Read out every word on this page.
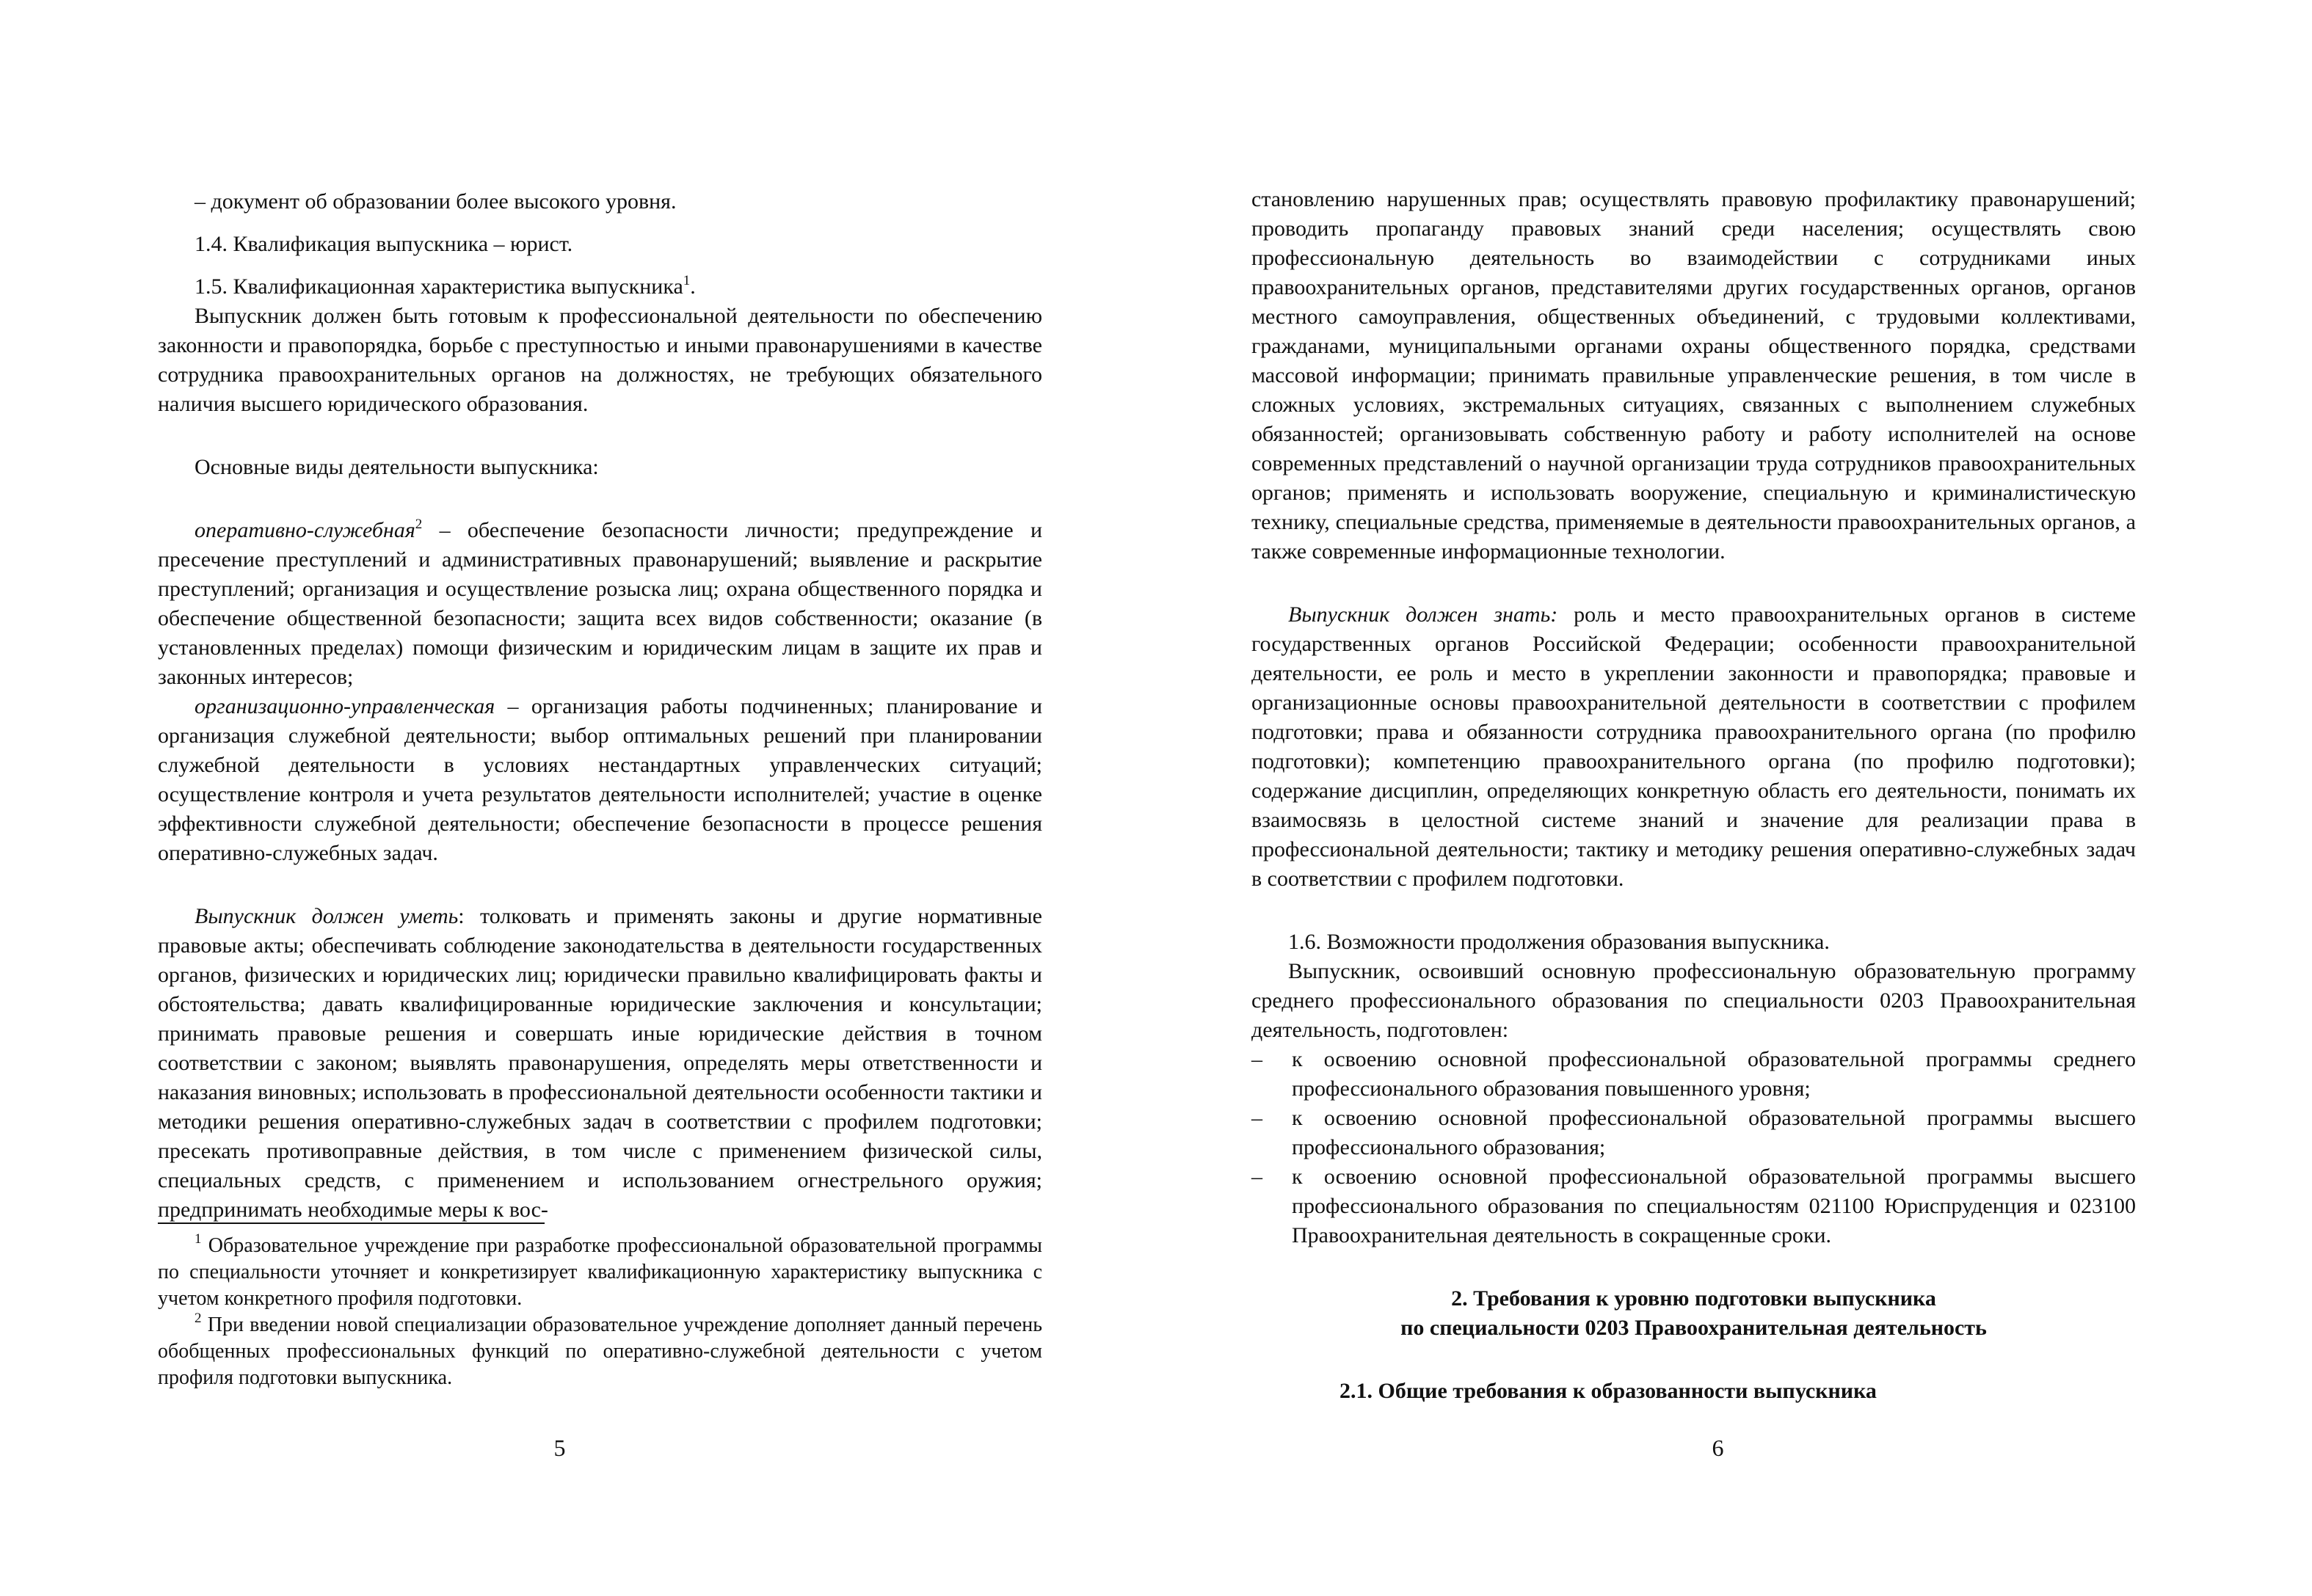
– документ об образовании более высокого уровня.

1.4. Квалификация выпускника – юрист.

1.5. Квалификационная характеристика выпускника$^1$.

Выпускник должен быть готовым к профессиональной деятельности по обеспечению законности и правопорядка, борьбе с преступностью и иными правонарушениями в качестве сотрудника правоохранительных органов на должностях, не требующих обязательного наличия высшего юридического образования.

Основные виды деятельности выпускника:

оперативно-служебная$^2$ – обеспечение безопасности личности; предупреждение и пресечение преступлений и административных правонарушений; выявление и раскрытие преступлений; организация и осуществление розыска лиц; охрана общественного порядка и обеспечение общественной безопасности; защита всех видов собственности; оказание (в установленных пределах) помощи физическим и юридическим лицам в защите их прав и законных интересов;

организационно-управленческая – организация работы подчиненных; планирование и организация служебной деятельности; выбор оптимальных решений при планировании служебной деятельности в условиях нестандартных управленческих ситуаций; осуществление контроля и учета результатов деятельности исполнителей; участие в оценке эффективности служебной деятельности; обеспечение безопасности в процессе решения оперативно-служебных задач.

Выпускник должен уметь: толковать и применять законы и другие нормативные правовые акты; обеспечивать соблюдение законодательства в деятельности государственных органов, физических и юридических лиц; юридически правильно квалифицировать факты и обстоятельства; давать квалифицированные юридические заключения и консультации; принимать правовые решения и совершать иные юридические действия в точном соответствии с законом; выявлять правонарушения, определять меры ответственности и наказания виновных; использовать в профессиональной деятельности особенности тактики и методики решения оперативно-служебных задач в соответствии с профилем подготовки; пресекать противоправные действия, в том числе с применением физической силы, специальных средств, с применением и использованием огнестрельного оружия; предпринимать необходимые меры к вос-

$^1$ Образовательное учреждение при разработке профессиональной образовательной программы по специальности уточняет и конкретизирует квалификационную характеристику выпускника с учетом конкретного профиля подготовки.

$^2$ При введении новой специализации образовательное учреждение дополняет данный перечень обобщенных профессиональных функций по оперативно-служебной деятельности с учетом профиля подготовки выпускника.

5

становлению нарушенных прав; осуществлять правовую профилактику правонарушений; проводить пропаганду правовых знаний среди населения; осуществлять свою профессиональную деятельность во взаимодействии с сотрудниками иных правоохранительных органов, представителями других государственных органов, органов местного самоуправления, общественных объединений, с трудовыми коллективами, гражданами, муниципальными органами охраны общественного порядка, средствами массовой информации; принимать правильные управленческие решения, в том числе в сложных условиях, экстремальных ситуациях, связанных с выполнением служебных обязанностей; организовывать собственную работу и работу исполнителей на основе современных представлений о научной организации труда сотрудников правоохранительных органов; применять и использовать вооружение, специальную и криминалистическую технику, специальные средства, применяемые в деятельности правоохранительных органов, а также современные информационные технологии.

Выпускник должен знать: роль и место правоохранительных органов в системе государственных органов Российской Федерации; особенности правоохранительной деятельности, ее роль и место в укреплении законности и правопорядка; правовые и организационные основы правоохранительной деятельности в соответствии с профилем подготовки; права и обязанности сотрудника правоохранительного органа (по профилю подготовки); компетенцию правоохранительного органа (по профилю подготовки); содержание дисциплин, определяющих конкретную область его деятельности, понимать их взаимосвязь в целостной системе знаний и значение для реализации права в профессиональной деятельности; тактику и методику решения оперативно-служебных задач в соответствии с профилем подготовки.

1.6. Возможности продолжения образования выпускника.

Выпускник, освоивший основную профессиональную образовательную программу среднего профессионального образования по специальности 0203 Правоохранительная деятельность, подготовлен:

– к освоению основной профессиональной образовательной программы среднего профессионального образования повышенного уровня;
– к освоению основной профессиональной образовательной программы высшего профессионального образования;
– к освоению основной профессиональной образовательной программы высшего профессионального образования по специальностям 021100 Юриспруденция и 023100 Правоохранительная деятельность в сокращенные сроки.

2. Требования к уровню подготовки выпускника

по специальности 0203 Правоохранительная деятельность

2.1. Общие требования к образованности выпускника

6
